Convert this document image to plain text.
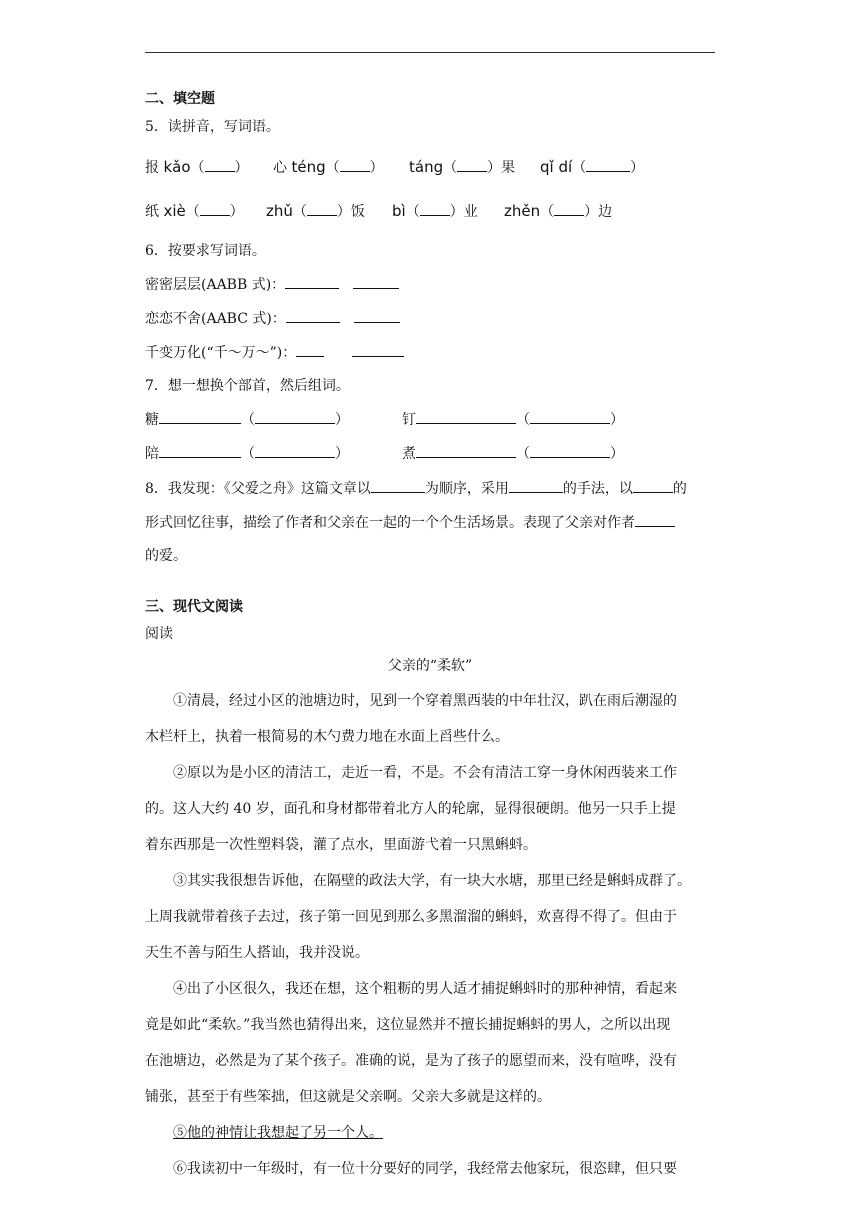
二、填空题
5．读拼音，写词语。
报 kǎo（ ） 心 téng（ ） táng（ ）果 qǐ dí（	）
纸 xiè（ ） zhǔ（ ）饭 bì（ ）业 zhěn（ ）边
6．按要求写词语。
密密层层(AABB 式)：
恋恋不舍(AABC 式)：
千变万化(“千～万～”)：
7．想一想换个部首，然后组词。
糖	（	）	钉	（	）
陪	（	）	煮	（	）
8．我发现：《父爱之舟》这篇文章以	为顺序，采用	的手法，以	的
形式回忆往事，描绘了作者和父亲在一起的一个个生活场景。表现了父亲对作者
的爱。
三、现代文阅读
阅读
父亲的“柔软”
①清晨，经过小区的池塘边时，见到一个穿着黑西装的中年壮汉，趴在雨后潮湿的
木栏杆上，执着一根简易的木勺费力地在水面上舀些什么。
②原以为是小区的清洁工，走近一看，不是。不会有清洁工穿一身休闲西装来工作
的。这人大约 40 岁，面孔和身材都带着北方人的轮廓，显得很硬朗。他另一只手上提
着东西那是一次性塑料袋，灌了点水，里面游弋着一只黑蝌蚪。
③其实我很想告诉他，在隔壁的政法大学，有一块大水塘，那里已经是蝌蚪成群了。
上周我就带着孩子去过，孩子第一回见到那么多黑溜溜的蝌蚪，欢喜得不得了。但由于
天生不善与陌生人搭讪，我并没说。
④出了小区很久，我还在想，这个粗粝的男人适才捕捉蝌蚪时的那种神情，看起来
竟是如此“柔软。”我当然也猜得出来，这位显然并不擅长捕捉蝌蚪的男人，之所以出现
在池塘边，必然是为了某个孩子。准确的说，是为了孩子的愿望而来，没有喧哗，没有
铺张，甚至于有些笨拙，但这就是父亲啊。父亲大多就是这样的。
⑤他的神情让我想起了另一个人。
⑥我读初中一年级时，有一位十分要好的同学，我经常去他家玩，很恣肆，但只要
